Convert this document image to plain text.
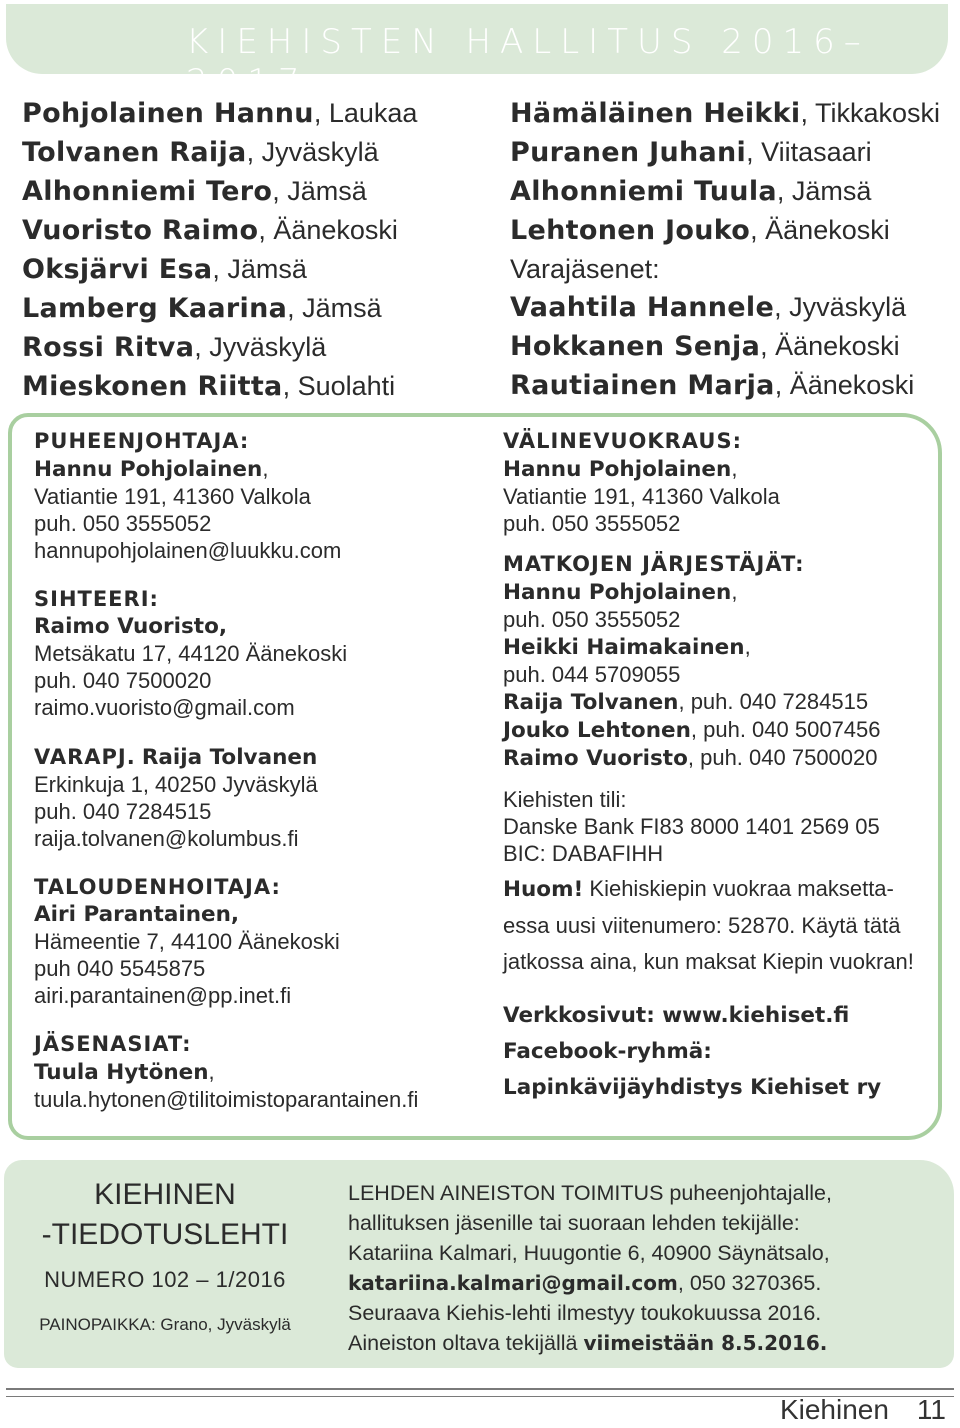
KIEHISTEN HALLITUS 2016–2017
Pohjolainen Hannu, Laukaa
Tolvanen Raija, Jyväskylä
Alhonniemi Tero, Jämsä
Vuoristo Raimo, Äänekoski
Oksjärvi Esa, Jämsä
Lamberg Kaarina, Jämsä
Rossi Ritva, Jyväskylä
Mieskonen Riitta, Suolahti
Hämäläinen Heikki, Tikkakoski
Puranen Juhani, Viitasaari
Alhonniemi Tuula, Jämsä
Lehtonen Jouko, Äänekoski
Varajäsenet:
Vaahtila Hannele, Jyväskylä
Hokkanen Senja, Äänekoski
Rautiainen Marja, Äänekoski
PUHEENJOHTAJA:
Hannu Pohjolainen,
Vatiantie 191, 41360 Valkola
puh. 050 3555052
hannupohjolainen@luukku.com
SIHTEERI:
Raimo Vuoristo,
Metsäkatu 17, 44120 Äänekoski
puh. 040 7500020
raimo.vuoristo@gmail.com
VARAPJ. Raija Tolvanen
Erkinkuja 1, 40250 Jyväskylä
puh. 040 7284515
raija.tolvanen@kolumbus.fi
TALOUDENHOITAJA:
Airi Parantainen,
Hämeentie 7, 44100 Äänekoski
puh 040 5545875
airi.parantainen@pp.inet.fi
JÄSENASIAT:
Tuula Hytönen,
tuula.hytonen@tilitoimistoparantainen.fi
VÄLINEVUOKRAUS:
Hannu Pohjolainen,
Vatiantie 191, 41360 Valkola
puh. 050 3555052
MATKOJEN JÄRJESTÄJÄT:
Hannu Pohjolainen,
puh. 050 3555052
Heikki Haimakainen,
puh. 044 5709055
Raija Tolvanen, puh. 040 7284515
Jouko Lehtonen, puh. 040 5007456
Raimo Vuoristo, puh. 040 7500020
Kiehisten tili:
Danske Bank FI83 8000 1401 2569 05
BIC: DABAFIHH
Huom! Kiehiskiepin vuokraa maksetta-
essa uusi viitenumero: 52870. Käytä tätä
jatkossa aina, kun maksat Kiepin vuokran!
Verkkosivut: www.kiehiset.fi
Facebook-ryhmä:
Lapinkävijäyhdistys Kiehiset ry
KIEHINEN
-TIEDOTUSLEHTI
NUMERO 102 – 1/2016
PAINOPAIKKA: Grano, Jyväskylä
LEHDEN AINEISTON TOIMITUS puheenjohtajalle,
hallituksen jäsenille tai suoraan lehden tekijälle:
Katariina Kalmari, Huugontie 6, 40900 Säynätsalo,
katariina.kalmari@gmail.com, 050 3270365.
Seuraava Kiehis-lehti ilmestyy toukokuussa 2016.
Aineiston oltava tekijällä viimeistään 8.5.2016.
Kiehinen 11
